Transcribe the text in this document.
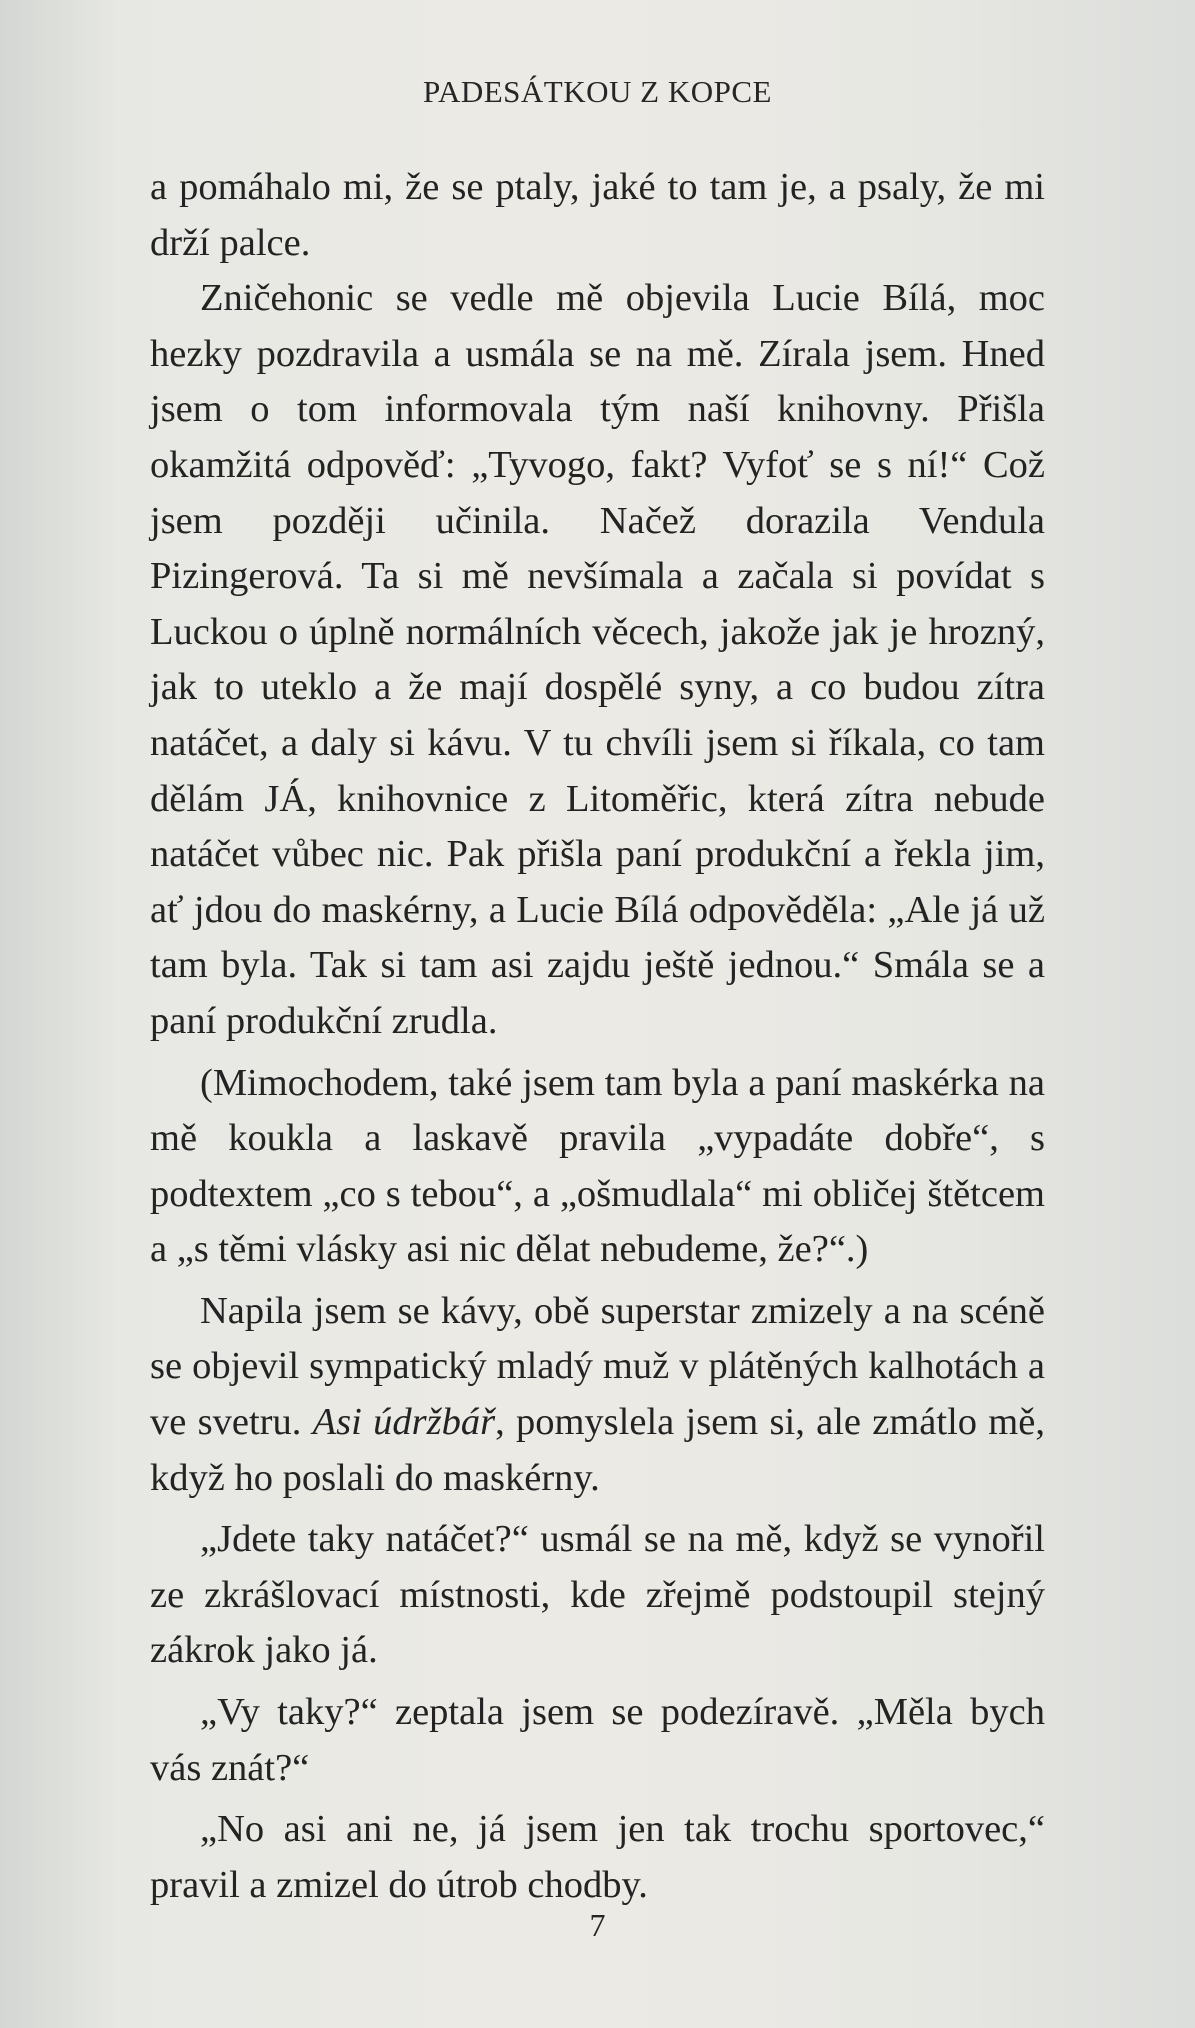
PADESÁTKOU Z KOPCE

a pomáhalo mi, že se ptaly, jaké to tam je, a psaly, že mi drží palce.

Zničehonic se vedle mě objevila Lucie Bílá, moc hezky pozdravila a usmála se na mě. Zírala jsem. Hned jsem o tom informovala tým naší knihovny. Přišla okamžitá odpověď: „Tyvogo, fakt? Vyfoť se s ní!“ Což jsem později učinila. Načež dorazila Vendula Pizingerová. Ta si mě nevšímala a začala si povídat s Luckou o úplně normálních věcech, jakože jak je hrozný, jak to uteklo a že mají dospělé syny, a co budou zítra natáčet, a daly si kávu. V tu chvíli jsem si říkala, co tam dělám JÁ, knihovnice z Litoměřic, která zítra nebude natáčet vůbec nic. Pak přišla paní produkční a řekla jim, ať jdou do maskérny, a Lucie Bílá odpověděla: „Ale já už tam byla. Tak si tam asi zajdu ještě jednou.“ Smála se a paní produkční zrudla.

(Mimochodem, také jsem tam byla a paní maskérka na mě koukla a laskavě pravila „vypadáte dobře“, s podtextem „co s tebou“, a „ošmudlala“ mi obličej štětcem a „s těmi vlásky asi nic dělat nebudeme, že?“.)

Napila jsem se kávy, obě superstar zmizely a na scéně se objevil sympatický mladý muž v plátěných kalhotách a ve svetru. Asi údržbář, pomyslela jsem si, ale zmátlo mě, když ho poslali do maskérny.

„Jdete taky natáčet?“ usmál se na mě, když se vynořil ze zkrášlovací místnosti, kde zřejmě podstoupil stejný zákrok jako já.

„Vy taky?“ zeptala jsem se podezíravě. „Měla bych vás znát?“

„No asi ani ne, já jsem jen tak trochu sportovec,“ pravil a zmizel do útrob chodby.

7
